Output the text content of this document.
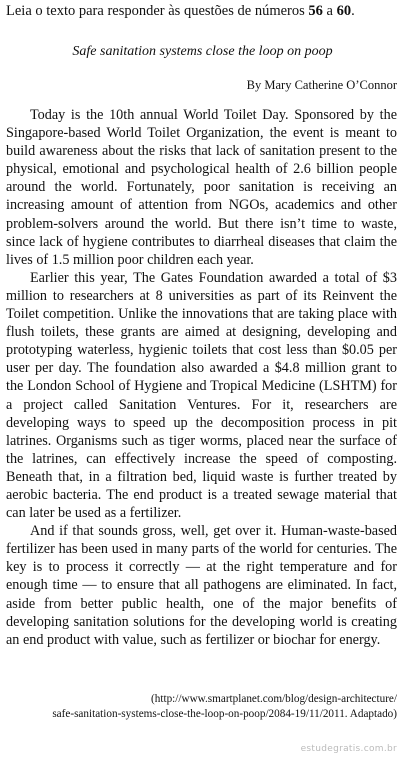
Leia o texto para responder às questões de números 56 a 60.
Safe sanitation systems close the loop on poop
By Mary Catherine O’Connor

Today is the 10th annual World Toilet Day. Sponsored by the Singapore-based World Toilet Organization, the event is meant to build awareness about the risks that lack of sanitation present to the physical, emotional and psychological health of 2.6 billion people around the world. Fortunately, poor sanitation is receiving an increasing amount of attention from NGOs, academics and other problem-solvers around the world. But there isn’t time to waste, since lack of hygiene contributes to diarrheal diseases that claim the lives of 1.5 million poor children each year.

Earlier this year, The Gates Foundation awarded a total of $3 million to researchers at 8 universities as part of its Reinvent the Toilet competition. Unlike the innovations that are taking place with flush toilets, these grants are aimed at designing, developing and prototyping waterless, hygienic toilets that cost less than $0.05 per user per day. The foundation also awarded a $4.8 million grant to the London School of Hygiene and Tropical Medicine (LSHTM) for a project called Sanitation Ventures. For it, researchers are developing ways to speed up the decomposition process in pit latrines. Organisms such as tiger worms, placed near the surface of the latrines, can effectively increase the speed of composting. Beneath that, in a filtration bed, liquid waste is further treated by aerobic bacteria. The end product is a treated sewage material that can later be used as a fertilizer.

And if that sounds gross, well, get over it. Human-waste-based fertilizer has been used in many parts of the world for centuries. The key is to process it correctly — at the right temperature and for enough time — to ensure that all pathogens are eliminated. In fact, aside from better public health, one of the major benefits of developing sanitation solutions for the developing world is creating an end product with value, such as fertilizer or biochar for energy.

(http://www.smartplanet.com/blog/design-architecture/
safe-sanitation-systems-close-the-loop-on-poop/2084-19/11/2011. Adaptado)
estudegratis.com.br
